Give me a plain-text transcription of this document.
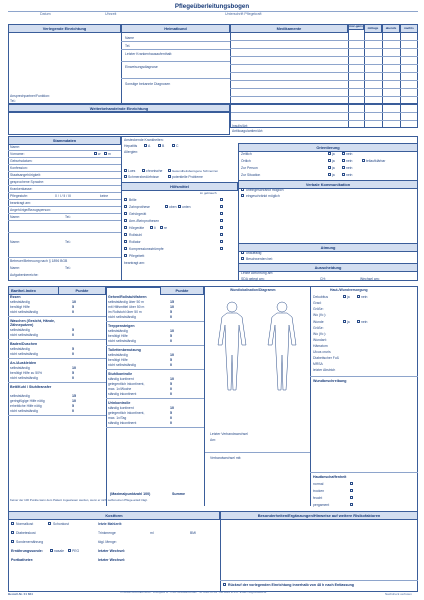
Pflegeüberleitungsbogen
Datum	Uhrzeit	Unterschrift Pflegekraft
Verlegende Einrichtung	Heimatbund	Medikamente	mor-gens	mittags	abends	nachts
Name
Tel.
Letzter Krankenhausaufenthalt:
Einweisungsdiagnose
Sonstige bekannte Diagnosen
Ansprechpartner/Funktion:
Tel.:
Weiterbehandelnde Einrichtung
Insulin/Art:
Antikoagulantien/Art:
Stammdaten
Name:
Vorname:	w m
Geburtsdatum:
Konfession:
Staatsangehörigkeit:
gesprochene Sprache:
Krankenkasse:
Pflegestufe:	0 / I / II / III	keine
beantragt am:
Angehörige/Bezugsperson:
Name:	Tel.:
Name:	Tel.:
Ansteckende Krankheiten:
Hepatitis	A	B	C
Allergien:
Lues	chronische	Gesundheitsbezogene Schmerzen
Schmerzbedürfnisse	potentielle Probleme
Hilfsmittel
im gebrauch
Brille
Zahnprothese	oben unten
Gehörgerät
Arm-/Beinprothesen
Hörgeräte	li re
Rollstuhl
Rollator
Kompressionsstrümpfe
Pflegebett
beantragt am:
Orientierung
Zeitlich	ja	nein
Örtlich	ja	nein	teilaufklärbar
Zur Person	ja	nein
Zur Situation	ja	nein
Verbale Kommunikation
uneingeschränkt möglich
eingeschränkt möglich
Atmung
unauffällig
Beschwerden bei:
Ausscheidung
Letzte Abführung am:
SDA gelegt am:	CH:	Wechsel am:
Betreuer/Betreuung nach § 1896 BGB
Name:	Tel.:
Aufgabenbereiche:
Barthel-Index	Punkte	Punkte
Essen
selbstständig	10
benötigt Hilfe	5
nicht selbstständig	0
Waschen (Gesicht, Hände, Zähneputzen)
selbstständig	5
nicht selbstständig	0
Baden/Duschen
selbstständig	5
nicht selbstständig	0
An-/Auskleiden
selbstständig	10
benötigt Hilfe zu 50%	5
nicht selbstständig	0
Bett/Kuhl / Stuhltransfer
selbstständig	15
geringfügige Hilfe nötig	10
erhebliche Hilfe nötig	5
nicht selbstständig	0
Gehen/Rollstuhlfahren
selbstständig über 50 m	15
mit Hilfsmittel über 50 m	10
im Rollstuhl über 50 m	5
nicht selbstständig	0
Treppensteigen
selbstständig	10
benötigt Hilfe	5
nicht selbstständig	0
Toilettenbenutzung
selbstständig	10
benötigt Hilfe	5
nicht selbstständig	0
Stuhlkontrolle
ständig kontinent	10
gelegentlich inkontinent,	5
max. 1x/Woche	0
ständig inkontinent	0
Urinkontrolle
ständig kontinent	10
gelegentlich inkontinent,	5
max. 1x/Tag	0
ständig inkontinent	0
(Maximalpunktzahl 100)	Summe
Keiner der 100 Punkte kann dem Patient zugewiesen werden, wenn er nicht selbst einen Pflege-anteil trägt.
Wundlokalisation/Diagramm
Letzter Verbandswechsel
Am:
Verbandwechsel mit:
Haut-/Wundversorgung
Dekubitus	ja	nein
Grad:
Größe:
Wo (Kr.):
Wunde	ja	nein
Größe:
Wo (Kr.):
Wundart:
Hämatom
Ulcus cruris
Diabetischer Fuß
MRSA
letzter Abstrich
Wundbeschreibung
Hautbeschaffenheit
normal
trocken
feucht
pergament
Kostform	Besonderheiten/Ergänzungen/Hinweise auf weitere Risikofaktoren
Normalkost	Schonkost	letzte Mahlzeit:
Diabeteskost	Trinkmenge	ml	BMI
Sondenernährung	tägl. Menge:
Ernährungssonde:	nasale PEG	letzter Wechsel:
Portkatheter:	letzter Wechsel:
Rückruf der vorlegenden Einrichtung innerhalb von 48 h nach Entlassung
Bestell-Nr. 01 824	SYNSNAK DRUCKERI GmbH · Kirschgärtle 12 · 97411 Gnodstadt-Ambach · Tel. 09901 93 130 · Fax 09901 93 131 · E-Mail: info@druckerei.de	Nachdruck verboten
